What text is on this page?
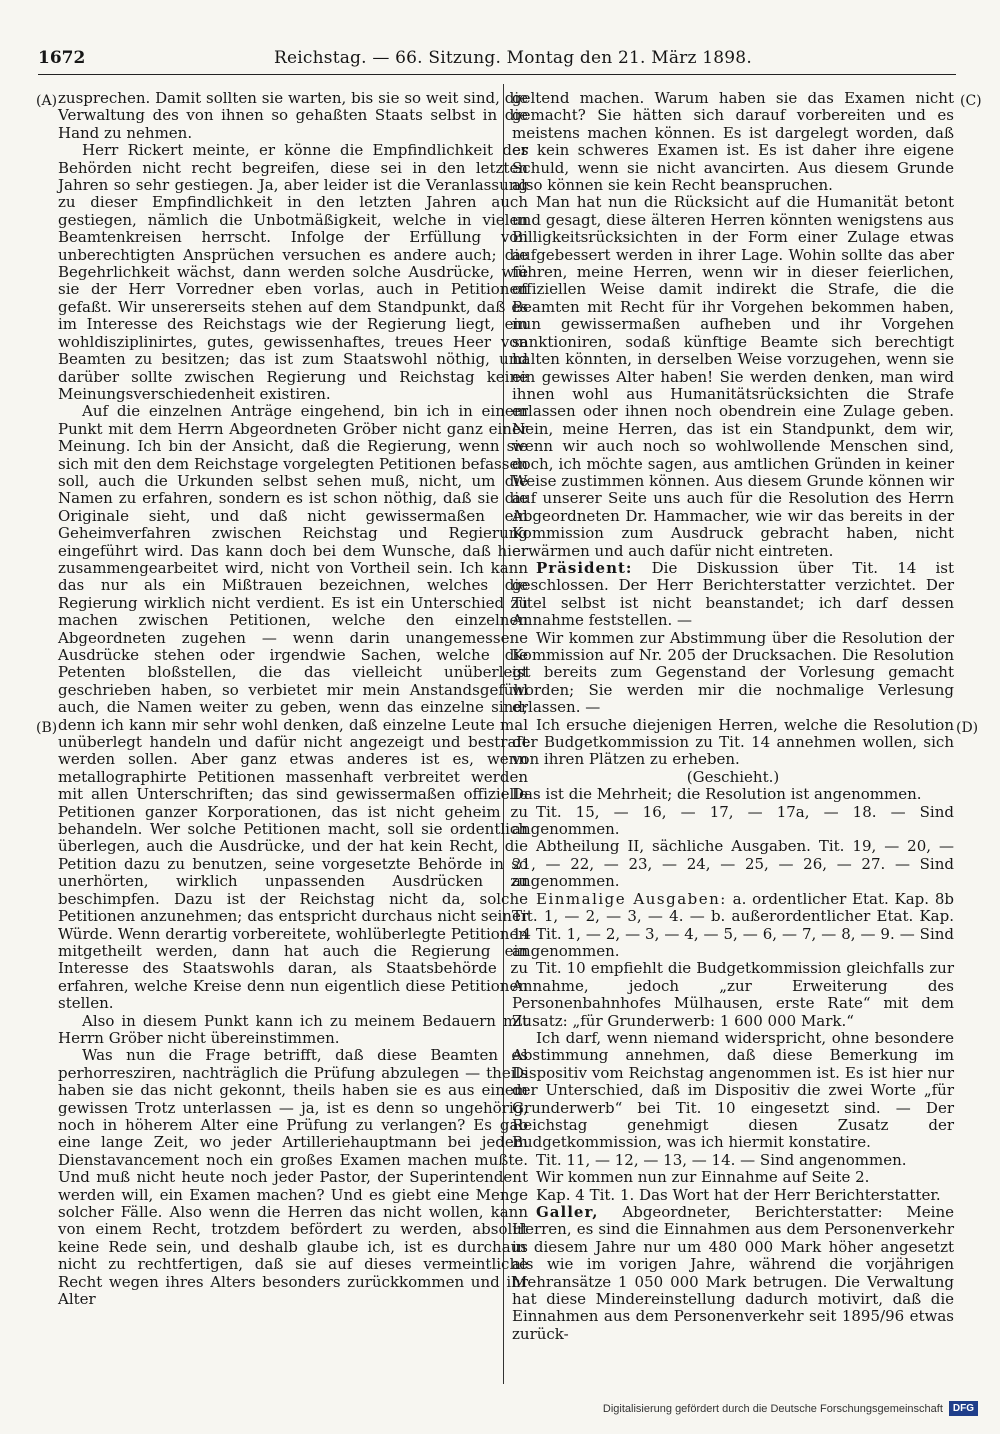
1672	Reichstag. — 66. Sitzung. Montag den 21. März 1898.
(A)
(B)
(C)
(D)

zusprechen. Damit sollten sie warten, bis sie so weit sind, die Verwaltung des von ihnen so gehaßten Staats selbst in die Hand zu nehmen.

Herr Rickert meinte, er könne die Empfindlichkeit der Behörden nicht recht begreifen, diese sei in den letzten Jahren so sehr gestiegen. Ja, aber leider ist die Veranlassung zu dieser Empfindlichkeit in den letzten Jahren auch gestiegen, nämlich die Unbotmäßigkeit, welche in vielen Beamtenkreisen herrscht. Infolge der Erfüllung von unberechtigten Ansprüchen versuchen es andere auch; die Begehrlichkeit wächst, dann werden solche Ausdrücke, wie sie der Herr Vorredner eben vorlas, auch in Petitionen gefaßt. Wir unsererseits stehen auf dem Standpunkt, daß es im Interesse des Reichstags wie der Regierung liegt, ein wohldisziplinirtes, gutes, gewissenhaftes, treues Heer von Beamten zu besitzen; das ist zum Staatswohl nöthig, und darüber sollte zwischen Regierung und Reichstag keine Meinungsverschiedenheit existiren.

Auf die einzelnen Anträge eingehend, bin ich in einem Punkt mit dem Herrn Abgeordneten Gröber nicht ganz einer Meinung. Ich bin der Ansicht, daß die Regierung, wenn sie sich mit den dem Reichstage vorgelegten Petitionen befassen soll, auch die Urkunden selbst sehen muß, nicht, um die Namen zu erfahren, sondern es ist schon nöthig, daß sie die Originale sieht, und daß nicht gewissermaßen ein Geheimverfahren zwischen Reichstag und Regierung eingeführt wird. Das kann doch bei dem Wunsche, daß hier zusammengearbeitet wird, nicht von Vortheil sein. Ich kann das nur als ein Mißtrauen bezeichnen, welches die Regierung wirklich nicht verdient. Es ist ein Unterschied zu machen zwischen Petitionen, welche den einzelnen Abgeordneten zugehen — wenn darin unangemessene Ausdrücke stehen oder irgendwie Sachen, welche die Petenten bloßstellen, die das vielleicht unüberlegt geschrieben haben, so verbietet mir mein Anstandsgefühl auch, die Namen weiter zu geben, wenn das einzelne sind; denn ich kann mir sehr wohl denken, daß einzelne Leute mal unüberlegt handeln und dafür nicht angezeigt und bestraft werden sollen. Aber ganz etwas anderes ist es, wenn metallographirte Petitionen massenhaft verbreitet werden mit allen Unterschriften; das sind gewissermaßen offizielle Petitionen ganzer Korporationen, das ist nicht geheim zu behandeln. Wer solche Petitionen macht, soll sie ordentlich überlegen, auch die Ausdrücke, und der hat kein Recht, die Petition dazu zu benutzen, seine vorgesetzte Behörde in so unerhörten, wirklich unpassenden Ausdrücken zu beschimpfen. Dazu ist der Reichstag nicht da, solche Petitionen anzunehmen; das entspricht durchaus nicht seiner Würde. Wenn derartig vorbereitete, wohlüberlegte Petitionen mitgetheilt werden, dann hat auch die Regierung ein Interesse des Staatswohls daran, als Staatsbehörde zu erfahren, welche Kreise denn nun eigentlich diese Petitionen stellen.

Also in diesem Punkt kann ich zu meinem Bedauern mit Herrn Gröber nicht übereinstimmen.

Was nun die Frage betrifft, daß diese Beamten es perhorresziren, nachträglich die Prüfung abzulegen — theils haben sie das nicht gekonnt, theils haben sie es aus einem gewissen Trotz unterlassen — ja, ist es denn so ungehörig, noch in höherem Alter eine Prüfung zu verlangen? Es gab eine lange Zeit, wo jeder Artilleriehauptmann bei jedem Dienstavancement noch ein großes Examen machen mußte. Und muß nicht heute noch jeder Pastor, der Superintendent werden will, ein Examen machen? Und es giebt eine Menge solcher Fälle. Also wenn die Herren das nicht wollen, kann von einem Recht, trotzdem befördert zu werden, absolut keine Rede sein, und deshalb glaube ich, ist es durchaus nicht zu rechtfertigen, daß sie auf dieses vermeintliche Recht wegen ihres Alters besonders zurückkommen und ihr Alter

geltend machen. Warum haben sie das Examen nicht gemacht? Sie hätten sich darauf vorbereiten und es meistens machen können. Es ist dargelegt worden, daß es kein schweres Examen ist. Es ist daher ihre eigene Schuld, wenn sie nicht avancirten. Aus diesem Grunde also können sie kein Recht beanspruchen.

Man hat nun die Rücksicht auf die Humanität betont und gesagt, diese älteren Herren könnten wenigstens aus Billigkeitsrücksichten in der Form einer Zulage etwas aufgebessert werden in ihrer Lage. Wohin sollte das aber führen, meine Herren, wenn wir in dieser feierlichen, offiziellen Weise damit indirekt die Strafe, die die Beamten mit Recht für ihr Vorgehen bekommen haben, nun gewissermaßen aufheben und ihr Vorgehen sanktioniren, sodaß künftige Beamte sich berechtigt halten könnten, in derselben Weise vorzugehen, wenn sie ein gewisses Alter haben! Sie werden denken, man wird ihnen wohl aus Humanitätsrücksichten die Strafe erlassen oder ihnen noch obendrein eine Zulage geben. Nein, meine Herren, das ist ein Standpunkt, dem wir, wenn wir auch noch so wohlwollende Menschen sind, doch, ich möchte sagen, aus amtlichen Gründen in keiner Weise zustimmen können. Aus diesem Grunde können wir auf unserer Seite uns auch für die Resolution des Herrn Abgeordneten Dr. Hammacher, wie wir das bereits in der Kommission zum Ausdruck gebracht haben, nicht erwärmen und auch dafür nicht eintreten.

Präsident: Die Diskussion über Tit. 14 ist geschlossen. Der Herr Berichterstatter verzichtet. Der Titel selbst ist nicht beanstandet; ich darf dessen Annahme feststellen. —

Wir kommen zur Abstimmung über die Resolution der Kommission auf Nr. 205 der Drucksachen. Die Resolution ist bereits zum Gegenstand der Vorlesung gemacht worden; Sie werden mir die nochmalige Verlesung erlassen. —

Ich ersuche diejenigen Herren, welche die Resolution der Budgetkommission zu Tit. 14 annehmen wollen, sich von ihren Plätzen zu erheben.

(Geschieht.)

Das ist die Mehrheit; die Resolution ist angenommen.

Tit. 15, — 16, — 17, — 17a, — 18. — Sind angenommen.

Abtheilung II, sächliche Ausgaben. Tit. 19, — 20, — 21, — 22, — 23, — 24, — 25, — 26, — 27. — Sind angenommen.

Einmalige Ausgaben: a. ordentlicher Etat. Kap. 8b Tit. 1, — 2, — 3, — 4. — b. außerordentlicher Etat. Kap. 14 Tit. 1, — 2, — 3, — 4, — 5, — 6, — 7, — 8, — 9. — Sind angenommen.

Tit. 10 empfiehlt die Budgetkommission gleichfalls zur Annahme, jedoch „zur Erweiterung des Personenbahnhofes Mülhausen, erste Rate“ mit dem Zusatz: „für Grunderwerb: 1 600 000 Mark.“

Ich darf, wenn niemand widerspricht, ohne besondere Abstimmung annehmen, daß diese Bemerkung im Dispositiv vom Reichstag angenommen ist. Es ist hier nur der Unterschied, daß im Dispositiv die zwei Worte „für Grunderwerb“ bei Tit. 10 eingesetzt sind. — Der Reichstag genehmigt diesen Zusatz der Budgetkommission, was ich hiermit konstatire.

Tit. 11, — 12, — 13, — 14. — Sind angenommen.

Wir kommen nun zur Einnahme auf Seite 2.

Kap. 4 Tit. 1. Das Wort hat der Herr Berichterstatter.

Galler, Abgeordneter, Berichterstatter: Meine Herren, es sind die Einnahmen aus dem Personenverkehr in diesem Jahre nur um 480 000 Mark höher angesetzt als wie im vorigen Jahre, während die vorjährigen Mehransätze 1 050 000 Mark betrugen. Die Verwaltung hat diese Mindereinstellung dadurch motivirt, daß die Einnahmen aus dem Personenverkehr seit 1895/96 etwas zurück-

Digitalisierung gefördert durch die Deutsche Forschungsgemeinschaft	DFG
